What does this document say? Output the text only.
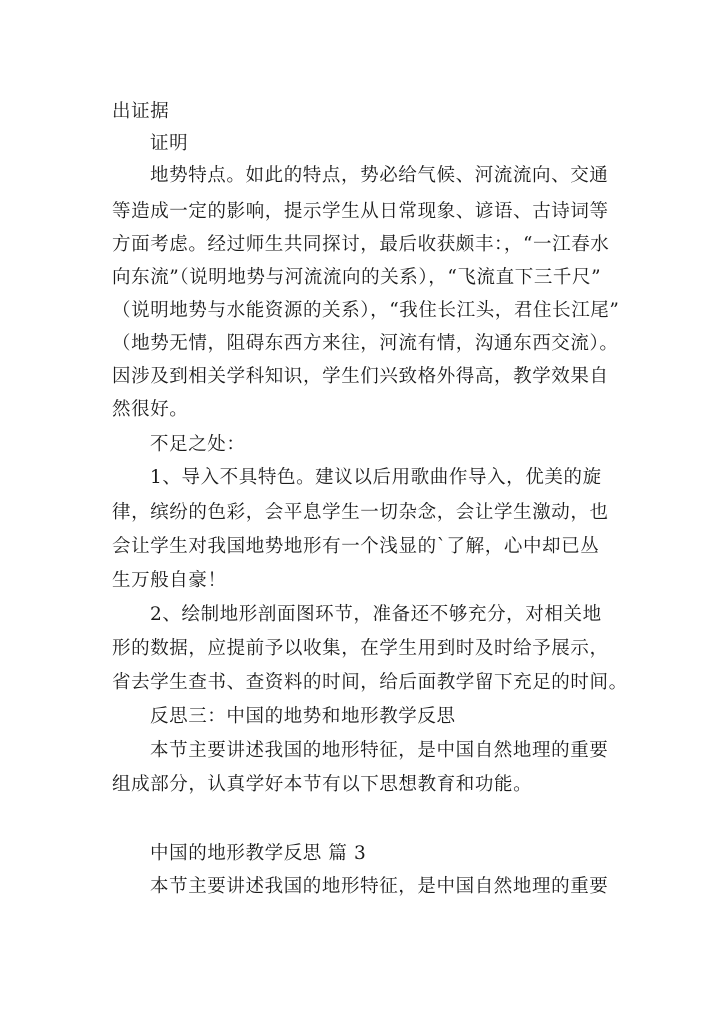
出证据
证明
地势特点。如此的特点，势必给气候、河流流向、交通
等造成一定的影响，提示学生从日常现象、谚语、古诗词等
方面考虑。经过师生共同探讨，最后收获颇丰：，“一江春水
向东流”（说明地势与河流流向的关系），“飞流直下三千尺”
（说明地势与水能资源的关系），“我住长江头，君住长江尾”
（地势无情，阻碍东西方来往，河流有情，沟通东西交流）。
因涉及到相关学科知识，学生们兴致格外得高，教学效果自
然很好。
不足之处：
1、导入不具特色。建议以后用歌曲作导入，优美的旋
律，缤纷的色彩，会平息学生一切杂念，会让学生激动，也
会让学生对我国地势地形有一个浅显的`了解，心中却已丛
生万般自豪！
2、绘制地形剖面图环节，准备还不够充分，对相关地
形的数据，应提前予以收集，在学生用到时及时给予展示，
省去学生查书、查资料的时间，给后面教学留下充足的时间。
反思三：中国的地势和地形教学反思
本节主要讲述我国的地形特征，是中国自然地理的重要
组成部分，认真学好本节有以下思想教育和功能。
中国的地形教学反思 篇 3
本节主要讲述我国的地形特征，是中国自然地理的重要
